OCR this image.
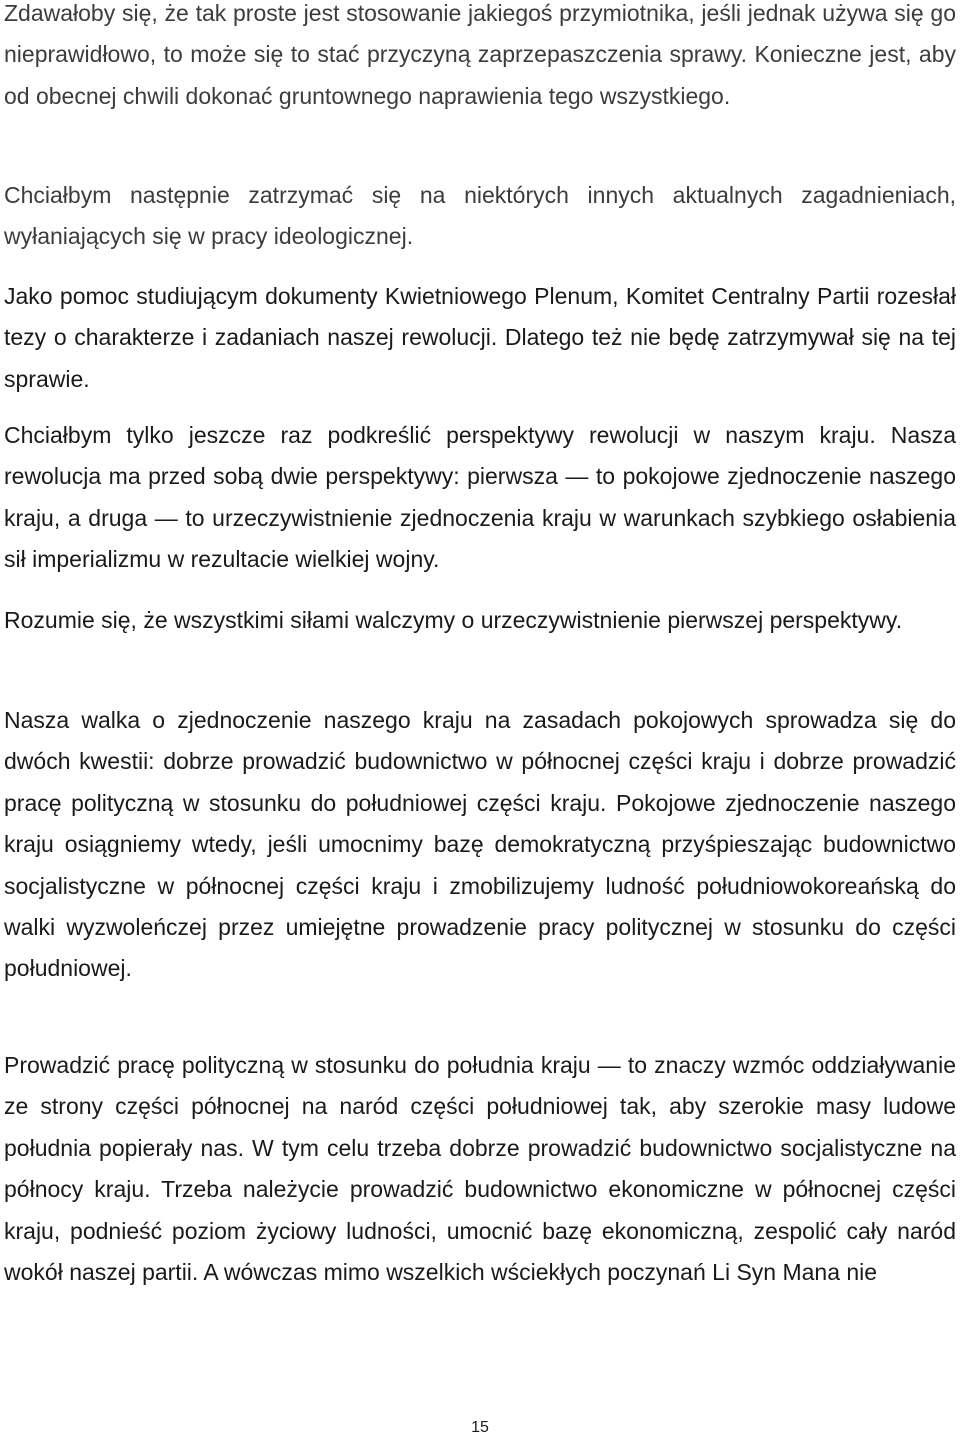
Zdawałoby się, że tak proste jest stosowanie jakiegoś przymiotnika, jeśli jednak używa się go nieprawidłowo, to może się to stać przyczyną zaprzepaszczenia sprawy. Konieczne jest, aby od obecnej chwili dokonać gruntownego naprawienia tego wszystkiego.

Chciałbym następnie zatrzymać się na niektórych innych aktualnych zagadnieniach, wyłaniających się w pracy ideologicznej.

Jako pomoc studiującym dokumenty Kwietniowego Plenum, Komitet Centralny Partii rozesłał tezy o charakterze i zadaniach naszej rewolucji. Dlatego też nie będę zatrzymywał się na tej sprawie.

Chciałbym tylko jeszcze raz podkreślić perspektywy rewolucji w naszym kraju. Nasza rewolucja ma przed sobą dwie perspektywy: pierwsza — to pokojowe zjednoczenie naszego kraju, a druga — to urzeczywistnienie zjednoczenia kraju w warunkach szybkiego osłabienia sił imperializmu w rezultacie wielkiej wojny.

Rozumie się, że wszystkimi siłami walczymy o urzeczywistnienie pierwszej perspektywy.

Nasza walka o zjednoczenie naszego kraju na zasadach pokojowych sprowadza się do dwóch kwestii: dobrze prowadzić budownictwo w północnej części kraju i dobrze prowadzić pracę polityczną w stosunku do południowej części kraju. Pokojowe zjednoczenie naszego kraju osiągniemy wtedy, jeśli umocnimy bazę demokratyczną przyśpieszając budownictwo socjalistyczne w północnej części kraju i zmobilizujemy ludność południowokoreańską do walki wyzwoleńczej przez umiejętne prowadzenie pracy politycznej w stosunku do części południowej.

Prowadzić pracę polityczną w stosunku do południa kraju — to znaczy wzmóc oddziaływanie ze strony części północnej na naród części południowej tak, aby szerokie masy ludowe południa popierały nas. W tym celu trzeba dobrze prowadzić budownictwo socjalistyczne na północy kraju. Trzeba należycie prowadzić budownictwo ekonomiczne w północnej części kraju, podnieść poziom życiowy ludności, umocnić bazę ekonomiczną, zespolić cały naród wokół naszej partii. A wówczas mimo wszelkich wściekłych poczynań Li Syn Mana nie

15
